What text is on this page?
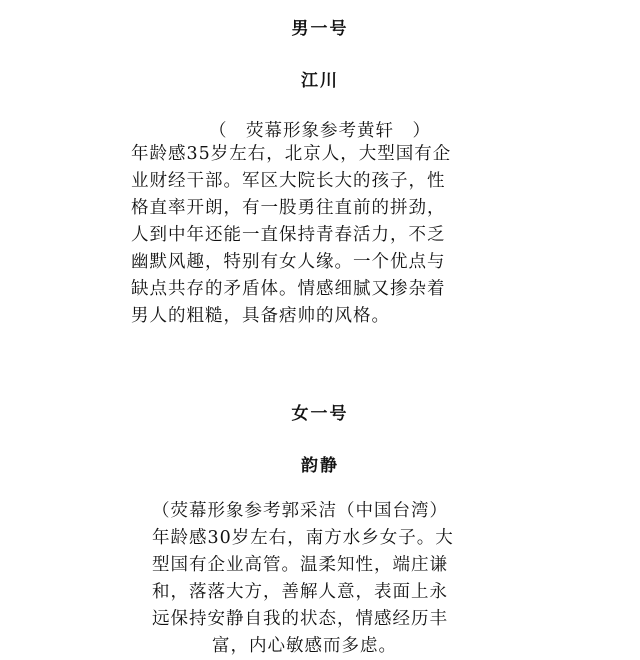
男一号
江川
（　荧幕形象参考黄轩　）
年龄感35岁左右，北京人，大型国有企
业财经干部。军区大院长大的孩子，性
格直率开朗，有一股勇往直前的拼劲，
人到中年还能一直保持青春活力，不乏
幽默风趣，特别有女人缘。一个优点与
缺点共存的矛盾体。情感细腻又掺杂着
男人的粗糙，具备痞帅的风格。
女一号
韵静
（荧幕形象参考郭采洁（中国台湾）
年龄感30岁左右，南方水乡女子。大
型国有企业高管。温柔知性，端庄谦
和，落落大方，善解人意，表面上永
远保持安静自我的状态，情感经历丰
富，内心敏感而多虑。
